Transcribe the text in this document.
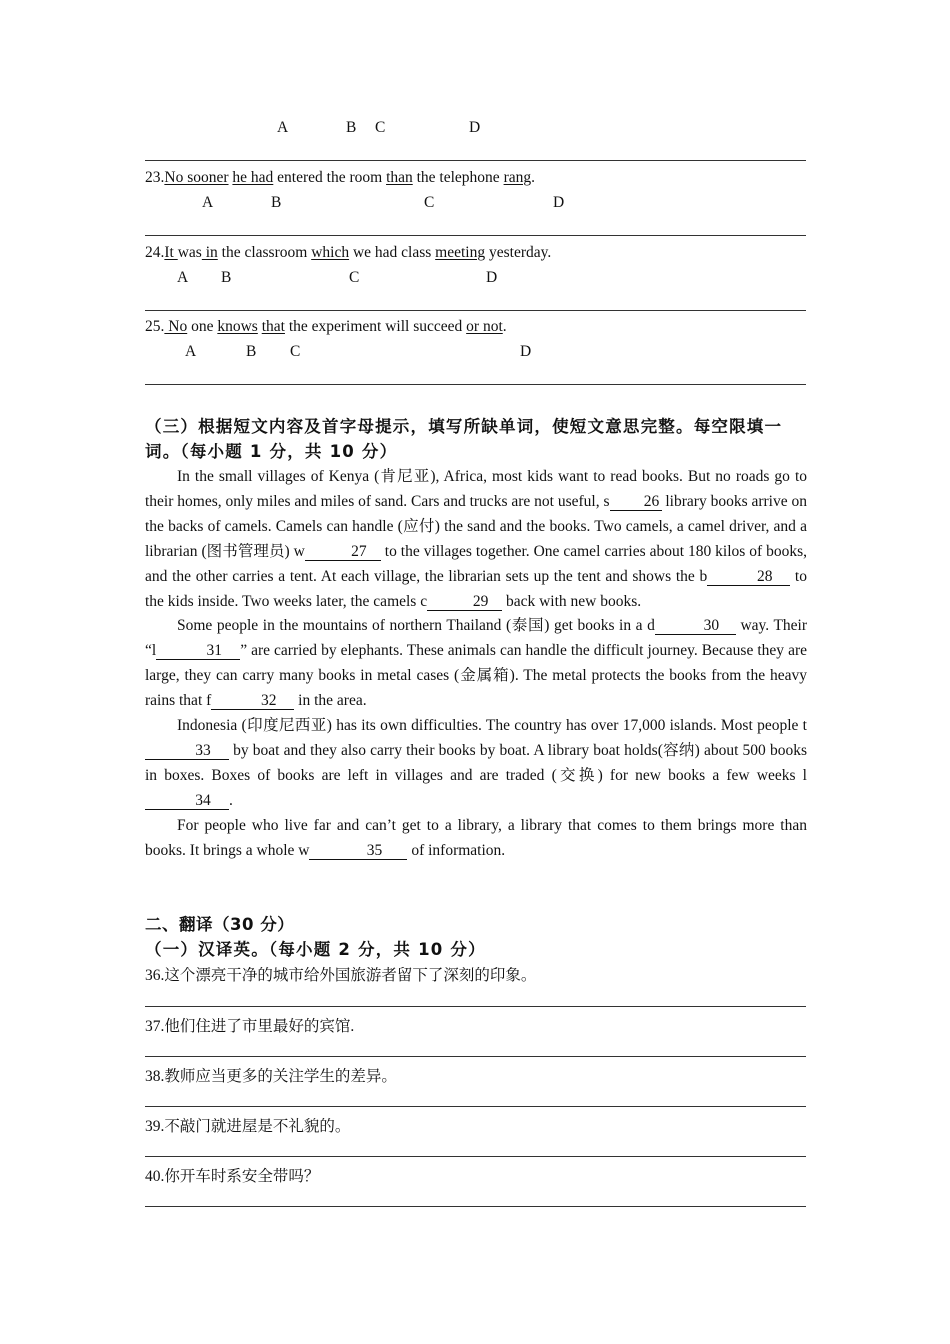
A	B C	D
23.No sooner he had entered the room than the telephone rang.
A	B	C	D
24.It was in the classroom which we had class meeting yesterday.
A B	C	D
25. No one knows that the experiment will succeed or not.
A	B C	D
（三）根据短文内容及首字母提示，填写所缺单词，使短文意思完整。每空限填一词。（每小题 1 分，共 10 分）

In the small villages of Kenya (肯尼亚), Africa, most kids want to read books. But no roads go to their homes, only miles and miles of sand. Cars and trucks are not useful, s 26 library books arrive on the backs of camels. Camels can handle (应付) the sand and the books. Two camels, a camel driver, and a librarian (图书管理员) w	27 to the villages together. One camel carries about 180 kilos of books, and the other carries a tent. At each village, the librarian sets up the tent and shows the b	28 to the kids inside. Two weeks later, the camels c	29 back with new books.

Some people in the mountains of northern Thailand (泰国) get books in a d	30 way. Their “l	31 ” are carried by elephants. These animals can handle the difficult journey. Because they are large, they can carry many books in metal cases (金属箱). The metal protects the books from the heavy rains that f	32 in the area.

Indonesia (印度尼西亚) has its own difficulties. The country has over 17,000 islands. Most people t33 by boat and they also carry their books by boat. A library boat holds(容纳) about 500 books in boxes. Boxes of books are left in villages and are traded (交换) for new books a few weeks l34 .

For people who live far and can’t get to a library, a library that comes to them brings more than books. It brings a whole w	35 of information.

二、翻译（30 分）
（一）汉译英。（每小题 2 分，共 10 分）
36.这个漂亮干净的城市给外国旅游者留下了深刻的印象。
37.他们住进了市里最好的宾馆.
38.教师应当更多的关注学生的差异。
39.不敲门就进屋是不礼貌的。
40.你开车时系安全带吗？
